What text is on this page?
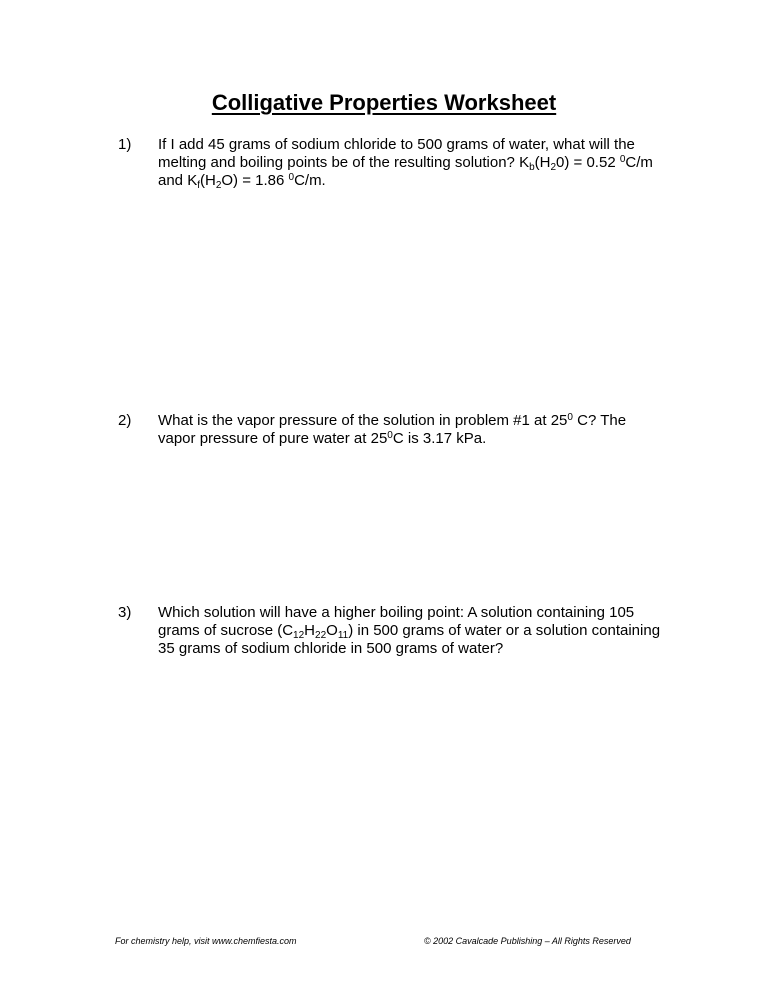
Colligative Properties Worksheet
1) If I add 45 grams of sodium chloride to 500 grams of water, what will the melting and boiling points be of the resulting solution? $K_b(H_20) = 0.52$ $^0$C/m and $K_f(H_2O) = 1.86$ $^0$C/m.
2) What is the vapor pressure of the solution in problem #1 at $25^0$ C? The vapor pressure of pure water at $25^0C$ is 3.17 kPa.
3) Which solution will have a higher boiling point: A solution containing 105 grams of sucrose $(C_{12}H_{22}O_{11})$ in 500 grams of water or a solution containing 35 grams of sodium chloride in 500 grams of water?
For chemistry help, visit www.chemfiesta.com	© 2002 Cavalcade Publishing – All Rights Reserved
